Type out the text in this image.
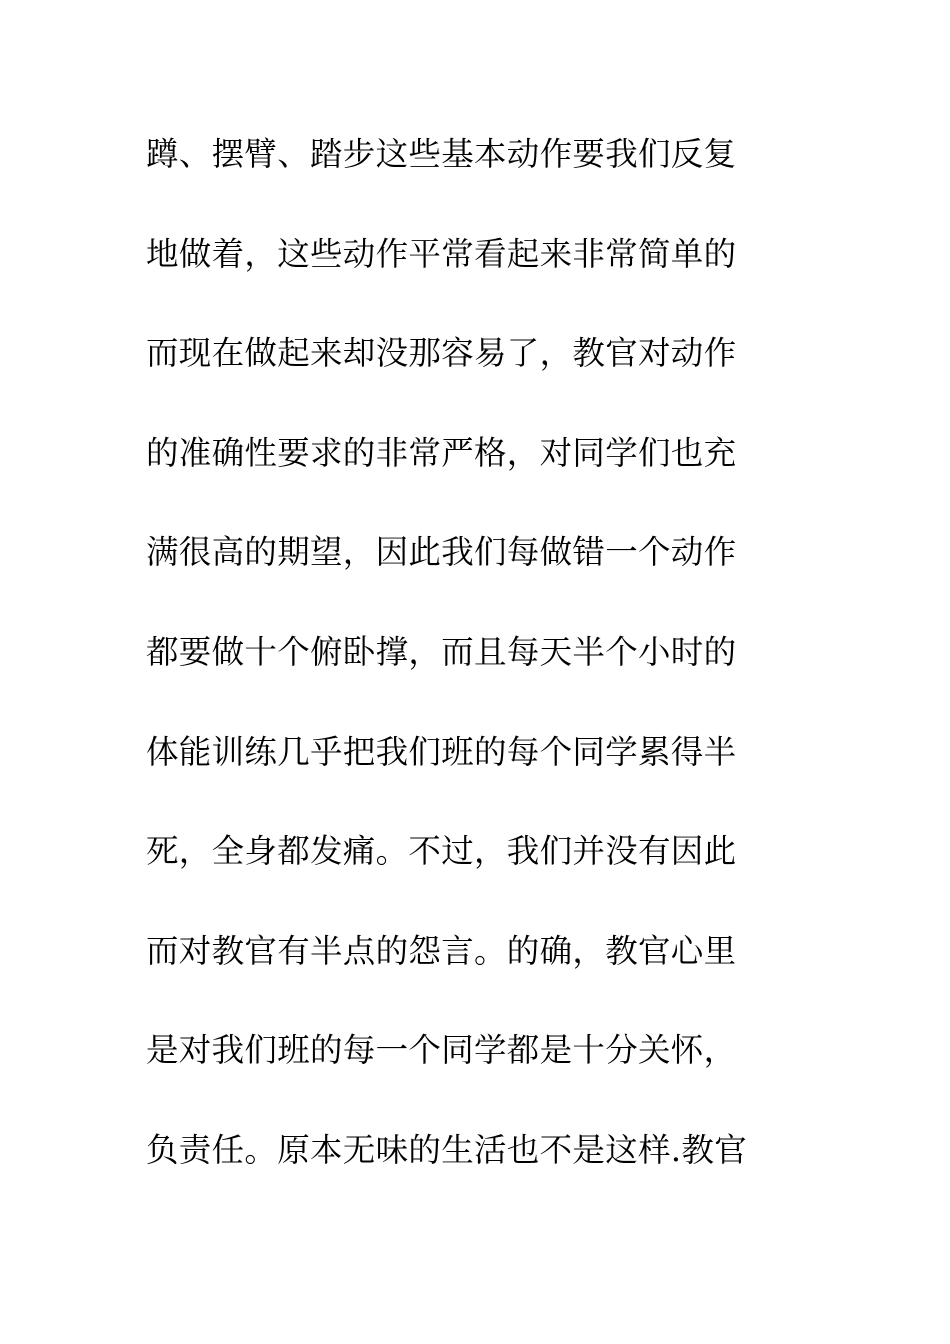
蹲、摆臂、踏步这些基本动作要我们反复
地做着，这些动作平常看起来非常简单的
而现在做起来却没那容易了，教官对动作
的准确性要求的非常严格，对同学们也充
满很高的期望，因此我们每做错一个动作
都要做十个俯卧撑，而且每天半个小时的
体能训练几乎把我们班的每个同学累得半
死，全身都发痛。不过，我们并没有因此
而对教官有半点的怨言。的确，教官心里
是对我们班的每一个同学都是十分关怀，
负责任。原本无味的生活也不是这样.教官
